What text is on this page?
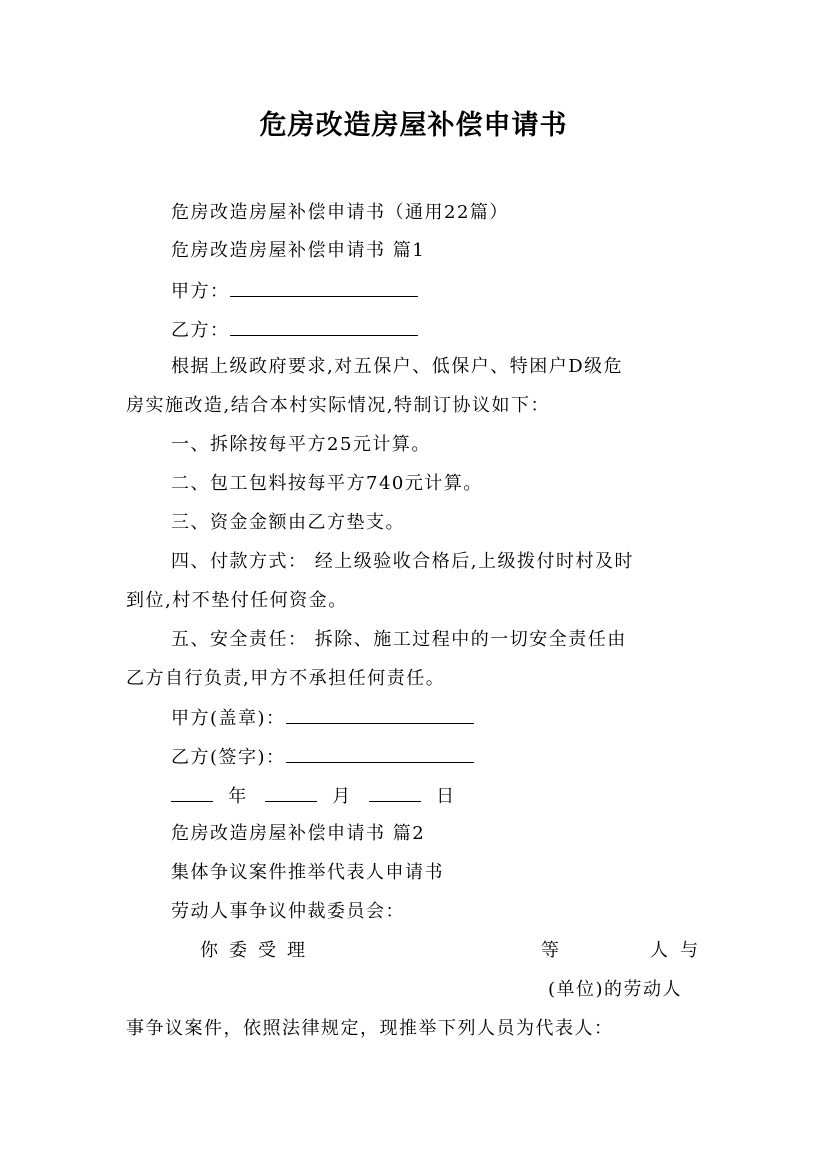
危房改造房屋补偿申请书
危房改造房屋补偿申请书（通用22篇）
危房改造房屋补偿申请书 篇1
甲方：
乙方：
根据上级政府要求,对五保户、低保户、特困户D级危
房实施改造,结合本村实际情况,特制订协议如下：
一、拆除按每平方25元计算。
二、包工包料按每平方740元计算。
三、资金金额由乙方垫支。
四、付款方式： 经上级验收合格后,上级拨付时村及时
到位,村不垫付任何资金。
五、安全责任： 拆除、施工过程中的一切安全责任由
乙方自行负责,甲方不承担任何责任。
甲方(盖章)：
乙方(签字)：
年	月	日
危房改造房屋补偿申请书 篇2
集体争议案件推举代表人申请书
劳动人事争议仲裁委员会：
你委受理	等	人与
(单位)的劳动人
事争议案件，依照法律规定，现推举下列人员为代表人：
